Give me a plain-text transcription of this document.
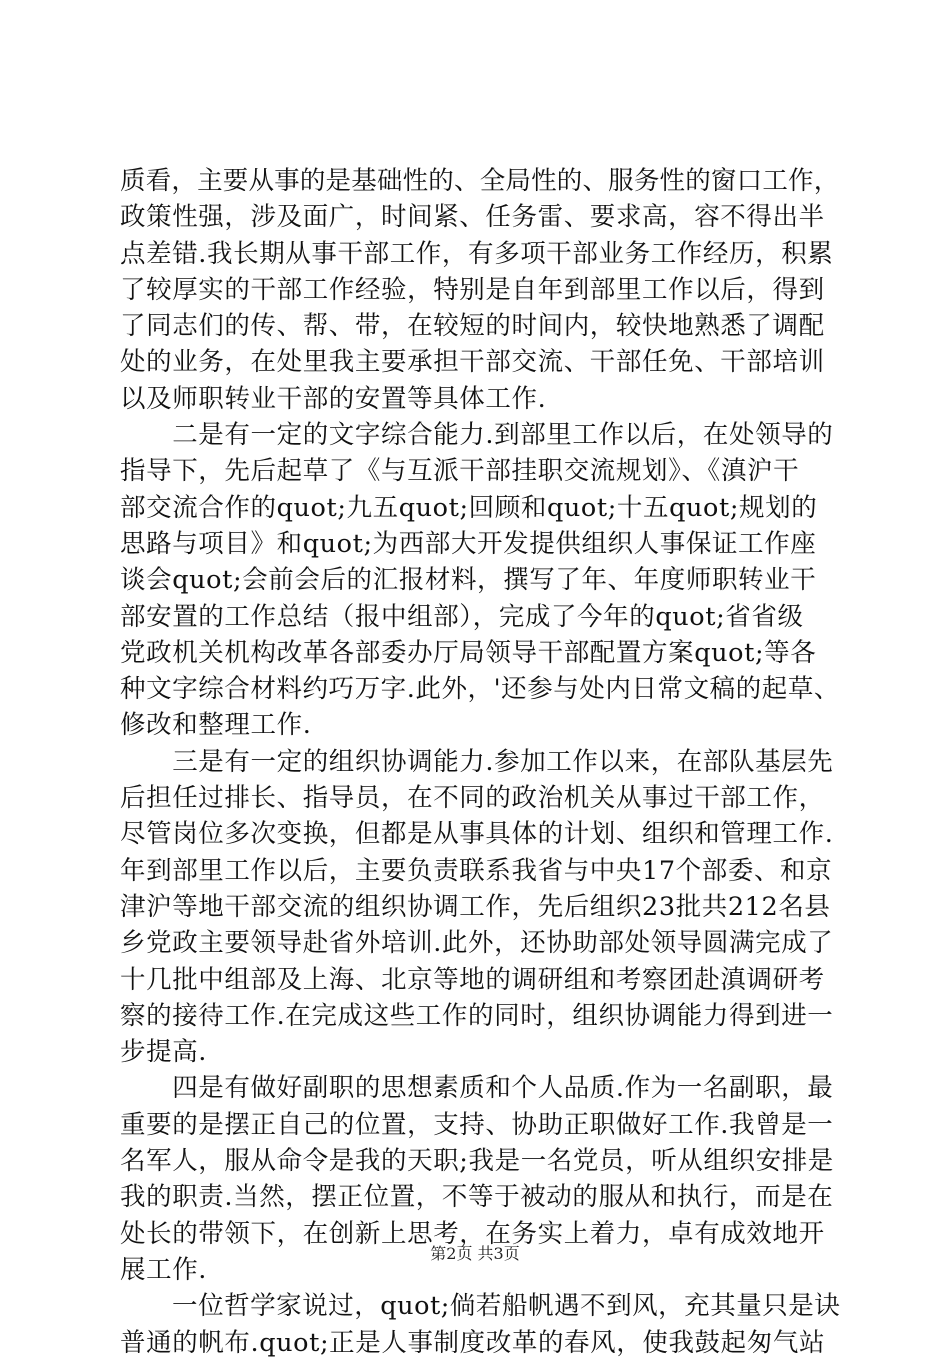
质看，主要从事的是基础性的、全局性的、服务性的窗口工作，
政策性强，涉及面广，时间紧、任务雷、要求高，容不得出半
点差错.我长期从事干部工作，有多项干部业务工作经历，积累
了较厚实的干部工作经验，特别是自年到部里工作以后，得到
了同志们的传、帮、带，在较短的时间内，较快地熟悉了调配
处的业务，在处里我主要承担干部交流、干部任免、干部培训
以及师职转业干部的安置等具体工作.
　　二是有一定的文字综合能力.到部里工作以后，在处领导的
指导下，先后起草了《与互派干部挂职交流规划》、《滇沪干
部交流合作的quot;九五quot;回顾和quot;十五quot;规划的
思路与项目》和quot;为西部大开发提供组织人事保证工作座
谈会quot;会前会后的汇报材料，撰写了年、年度师职转业干
部安置的工作总结（报中组部），完成了今年的quot;省省级
党政机关机构改革各部委办厅局领导干部配置方案quot;等各
种文字综合材料约巧万字.此外，'还参与处内日常文稿的起草、
修改和整理工作.
　　三是有一定的组织协调能力.参加工作以来，在部队基层先
后担任过排长、指导员，在不同的政治机关从事过干部工作，
尽管岗位多次变换，但都是从事具体的计划、组织和管理工作.
年到部里工作以后，主要负责联系我省与中央17个部委、和京
津沪等地干部交流的组织协调工作，先后组织23批共212名县
乡党政主要领导赴省外培训.此外，还协助部处领导圆满完成了
十几批中组部及上海、北京等地的调研组和考察团赴滇调研考
察的接待工作.在完成这些工作的同时，组织协调能力得到进一
步提高.
　　四是有做好副职的思想素质和个人品质.作为一名副职，最
重要的是摆正自己的位置，支持、协助正职做好工作.我曾是一
名军人，服从命令是我的天职;我是一名党员，听从组织安排是
我的职责.当然，摆正位置，不等于被动的服从和执行，而是在
处长的带领下，在创新上思考，在务实上着力，卓有成效地开
展工作.
　　一位哲学家说过，quot;倘若船帆遇不到风，充其量只是诀
普通的帆布.quot;正是人事制度改革的春风，使我鼓起匆气站
第2页 共3页
